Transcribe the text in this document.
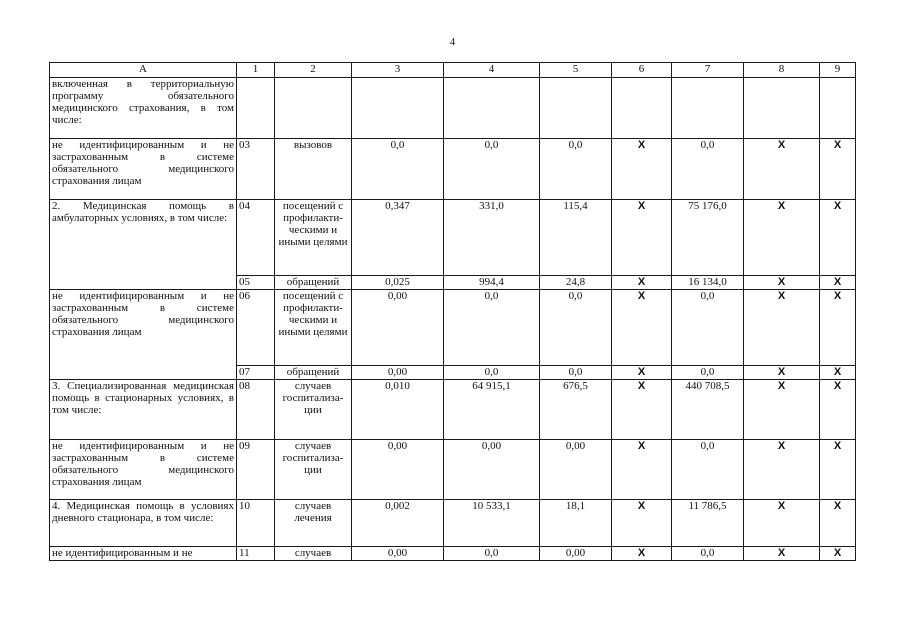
4
A	1	2	3	4	5	6	7	8	9
включенная в территориальную программу обязательного медицинского страхования, в том числе:									
не идентифицированным и не застрахованным в системе обязательного медицинского страхования лицам	03	вызовов	0,0	0,0	0,0	X	0,0	X	X
2. Медицинская помощь в амбулаторных условиях, в том числе:	04	посещений с профилакти-ческими и иными целями	0,347	331,0	115,4	X	75 176,0	X	X
	05	обращений	0,025	994,4	24,8	X	16 134,0	X	X
не идентифицированным и не застрахованным в системе обязательного медицинского страхования лицам	06	посещений с профилакти-ческими и иными целями	0,00	0,0	0,0	X	0,0	X	X
	07	обращений	0,00	0,0	0,0	X	0,0	X	X
3. Специализированная медицинская помощь в стационарных условиях, в том числе:	08	случаев госпитализа-ции	0,010	64 915,1	676,5	X	440 708,5	X	X
не идентифицированным и не застрахованным в системе обязательного медицинского страхования лицам	09	случаев госпитализа-ции	0,00	0,00	0,00	X	0,0	X	X
4. Медицинская помощь в условиях дневного стационара, в том числе:	10	случаев лечения	0,002	10 533,1	18,1	X	11 786,5	X	X
не идентифицированным и не	11	случаев	0,00	0,0	0,00	X	0,0	X	X
